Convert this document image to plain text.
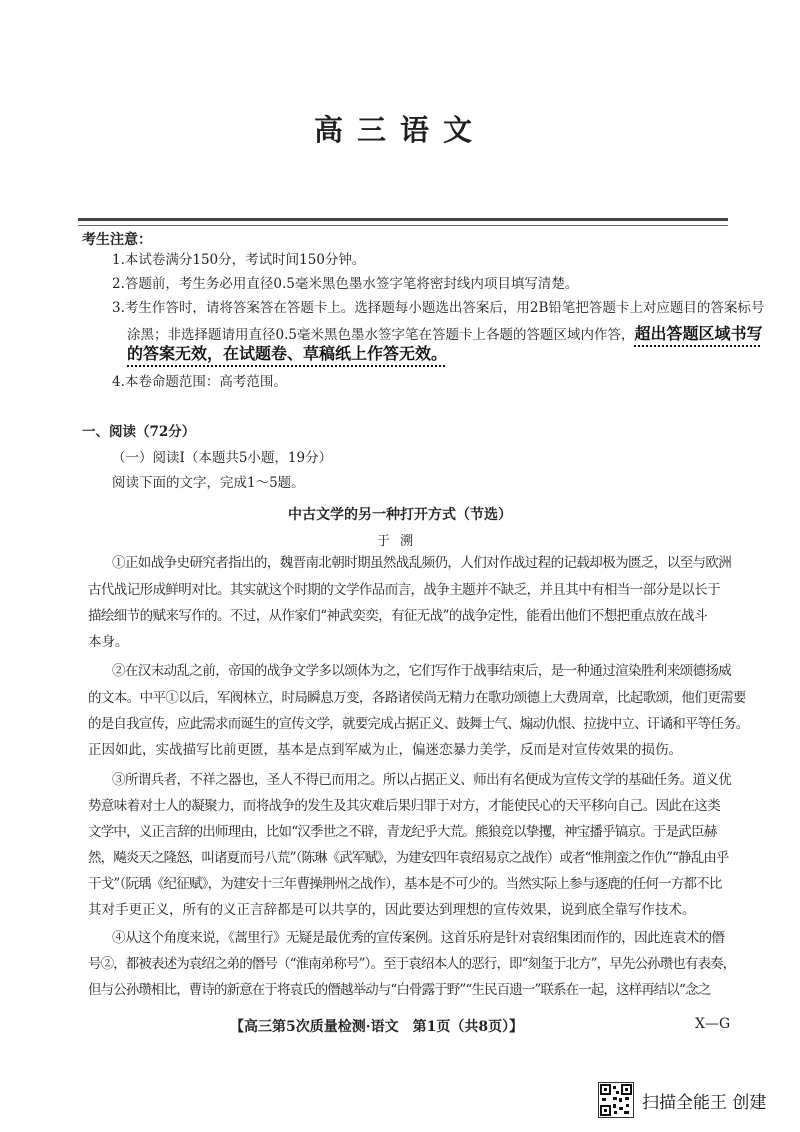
高三语文
考生注意：
1.本试卷满分150分，考试时间150分钟。
2.答题前，考生务必用直径0.5毫米黑色墨水签字笔将密封线内项目填写清楚。
3.考生作答时，请将答案答在答题卡上。选择题每小题选出答案后，用2B铅笔把答题卡上对应题目的答案标号
涂黑；非选择题请用直径0.5毫米黑色墨水签字笔在答题卡上各题的答题区域内作答，超出答题区域书写
的答案无效，在试题卷、草稿纸上作答无效。
4.本卷命题范围：高考范围。
一、阅读（72分）
（一）阅读Ⅰ（本题共5小题，19分）
阅读下面的文字，完成1～5题。
中古文学的另一种打开方式（节选）
于溯
①正如战争史研究者指出的，魏晋南北朝时期虽然战乱频仍，人们对作战过程的记载却极为匮乏，以至与欧洲
古代战记形成鲜明对比。其实就这个时期的文学作品而言，战争主题并不缺乏，并且其中有相当一部分是以长于
描绘细节的赋来写作的。不过，从作家们“神武奕奕，有征无战”的战争定性，能看出他们不想把重点放在战斗
本身。
②在汉末动乱之前，帝国的战争文学多以颂体为之，它们写作于战事结束后，是一种通过渲染胜利来颂德扬威
的文本。中平①以后，军阀林立，时局瞬息万变，各路诸侯尚无精力在歌功颂德上大费周章，比起歌颂，他们更需要
的是自我宣传，应此需求而诞生的宣传文学，就要完成占据正义、鼓舞士气、煽动仇恨、拉拢中立、讦谲和平等任务。
正因如此，实战描写比前更匮，基本是点到军威为止，偏迷恋暴力美学，反而是对宣传效果的损伤。
③所谓兵者，不祥之器也，圣人不得已而用之。所以占据正义、师出有名便成为宣传文学的基础任务。道义优
势意味着对士人的凝聚力，而将战争的发生及其灾难后果归罪于对方，才能使民心的天平移向自己。因此在这类
文学中，义正言辞的出师理由，比如“汉季世之不辟，青龙纪乎大荒。熊狼竞以挚攫，神宝播乎镐京。于是武臣赫
然，飚炎天之隆怒，叫诸夏而号八荒”（陈琳《武军赋》，为建安四年袁绍易京之战作）或者“惟荆蛮之作仇”“静乱由乎
干戈”（阮瑀《纪征赋》，为建安十三年曹操荆州之战作），基本是不可少的。当然实际上参与逐鹿的任何一方都不比
其对手更正义，所有的义正言辞都是可以共享的，因此要达到理想的宣传效果，说到底全靠写作技术。
④从这个角度来说，《蒿里行》无疑是最优秀的宣传案例。这首乐府是针对袁绍集团而作的，因此连袁术的僭
号②，都被表述为袁绍之弟的僭号（“淮南弟称号”）。至于袁绍本人的恶行，即“刻玺于北方”，早先公孙瓒也有表奏，
但与公孙瓒相比，曹诗的新意在于将袁氏的僭越举动与“白骨露于野”“生民百遗一”联系在一起，这样再结以“念之
【高三第5次质量检测·语文　第1页（共8页）】	X—G
扫描全能王 创建
